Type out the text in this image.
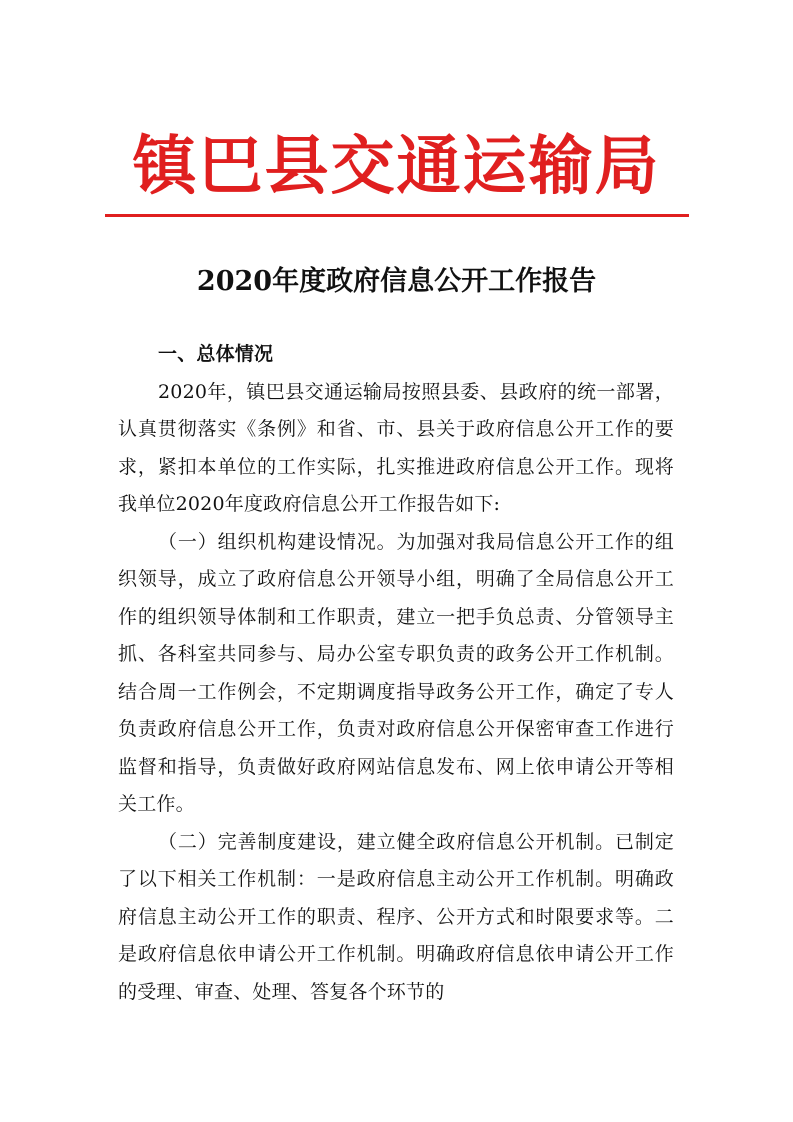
镇巴县交通运输局
2020年度政府信息公开工作报告
一、总体情况

2020年，镇巴县交通运输局按照县委、县政府的统一部署，认真贯彻落实《条例》和省、市、县关于政府信息公开工作的要求，紧扣本单位的工作实际，扎实推进政府信息公开工作。现将我单位2020年度政府信息公开工作报告如下:

（一）组织机构建设情况。为加强对我局信息公开工作的组织领导，成立了政府信息公开领导小组，明确了全局信息公开工作的组织领导体制和工作职责，建立一把手负总责、分管领导主抓、各科室共同参与、局办公室专职负责的政务公开工作机制。结合周一工作例会，不定期调度指导政务公开工作，确定了专人负责政府信息公开工作，负责对政府信息公开保密审查工作进行监督和指导，负责做好政府网站信息发布、网上依申请公开等相关工作。

（二）完善制度建设，建立健全政府信息公开机制。已制定了以下相关工作机制：一是政府信息主动公开工作机制。明确政府信息主动公开工作的职责、程序、公开方式和时限要求等。二是政府信息依申请公开工作机制。明确政府信息依申请公开工作的受理、审查、处理、答复各个环节的
